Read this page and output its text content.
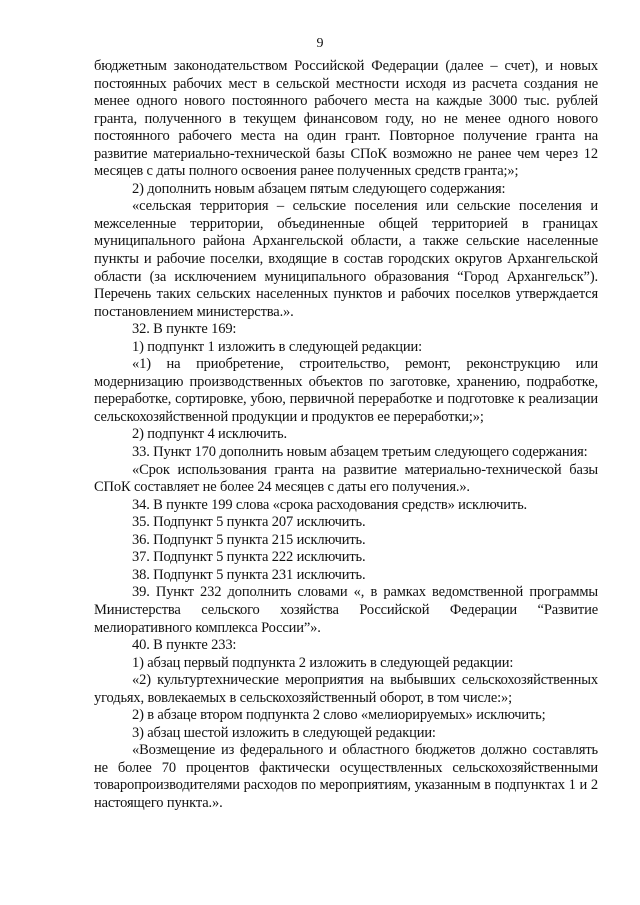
9

бюджетным законодательством Российской Федерации (далее – счет), и новых постоянных рабочих мест в сельской местности исходя из расчета создания не менее одного нового постоянного рабочего места на каждые 3000 тыс. рублей гранта, полученного в текущем финансовом году, но не менее одного нового постоянного рабочего места на один грант. Повторное получение гранта на развитие материально-технической базы СПоК возможно не ранее чем через 12 месяцев с даты полного освоения ранее полученных средств гранта;»;

2) дополнить новым абзацем пятым следующего содержания:

«сельская территория – сельские поселения или сельские поселения и межселенные территории, объединенные общей территорией в границах муниципального района Архангельской области, а также сельские населенные пункты и рабочие поселки, входящие в состав городских округов Архангельской области (за исключением муниципального образования “Город Архангельск”). Перечень таких сельских населенных пунктов и рабочих поселков утверждается постановлением министерства.».

32. В пункте 169:

1) подпункт 1 изложить в следующей редакции:

«1) на приобретение, строительство, ремонт, реконструкцию или модернизацию производственных объектов по заготовке, хранению, подработке, переработке, сортировке, убою, первичной переработке и подготовке к реализации сельскохозяйственной продукции и продуктов ее переработки;»;

2) подпункт 4 исключить.

33. Пункт 170 дополнить новым абзацем третьим следующего содержания:

«Срок использования гранта на развитие материально-технической базы СПоК составляет не более 24 месяцев с даты его получения.».

34. В пункте 199 слова «срока расходования средств» исключить.

35. Подпункт 5 пункта 207 исключить.

36. Подпункт 5 пункта 215 исключить.

37. Подпункт 5 пункта 222 исключить.

38. Подпункт 5 пункта 231 исключить.

39. Пункт 232 дополнить словами «, в рамках ведомственной программы Министерства сельского хозяйства Российской Федерации “Развитие мелиоративного комплекса России”».

40. В пункте 233:

1) абзац первый подпункта 2 изложить в следующей редакции:

«2) культуртехнические мероприятия на выбывших сельскохозяйственных угодьях, вовлекаемых в сельскохозяйственный оборот, в том числе:»;

2) в абзаце втором подпункта 2 слово «мелиорируемых» исключить;

3) абзац шестой изложить в следующей редакции:

«Возмещение из федерального и областного бюджетов должно составлять не более 70 процентов фактически осуществленных сельскохозяйственными товаропроизводителями расходов по мероприятиям, указанным в подпунктах 1 и 2 настоящего пункта.».
